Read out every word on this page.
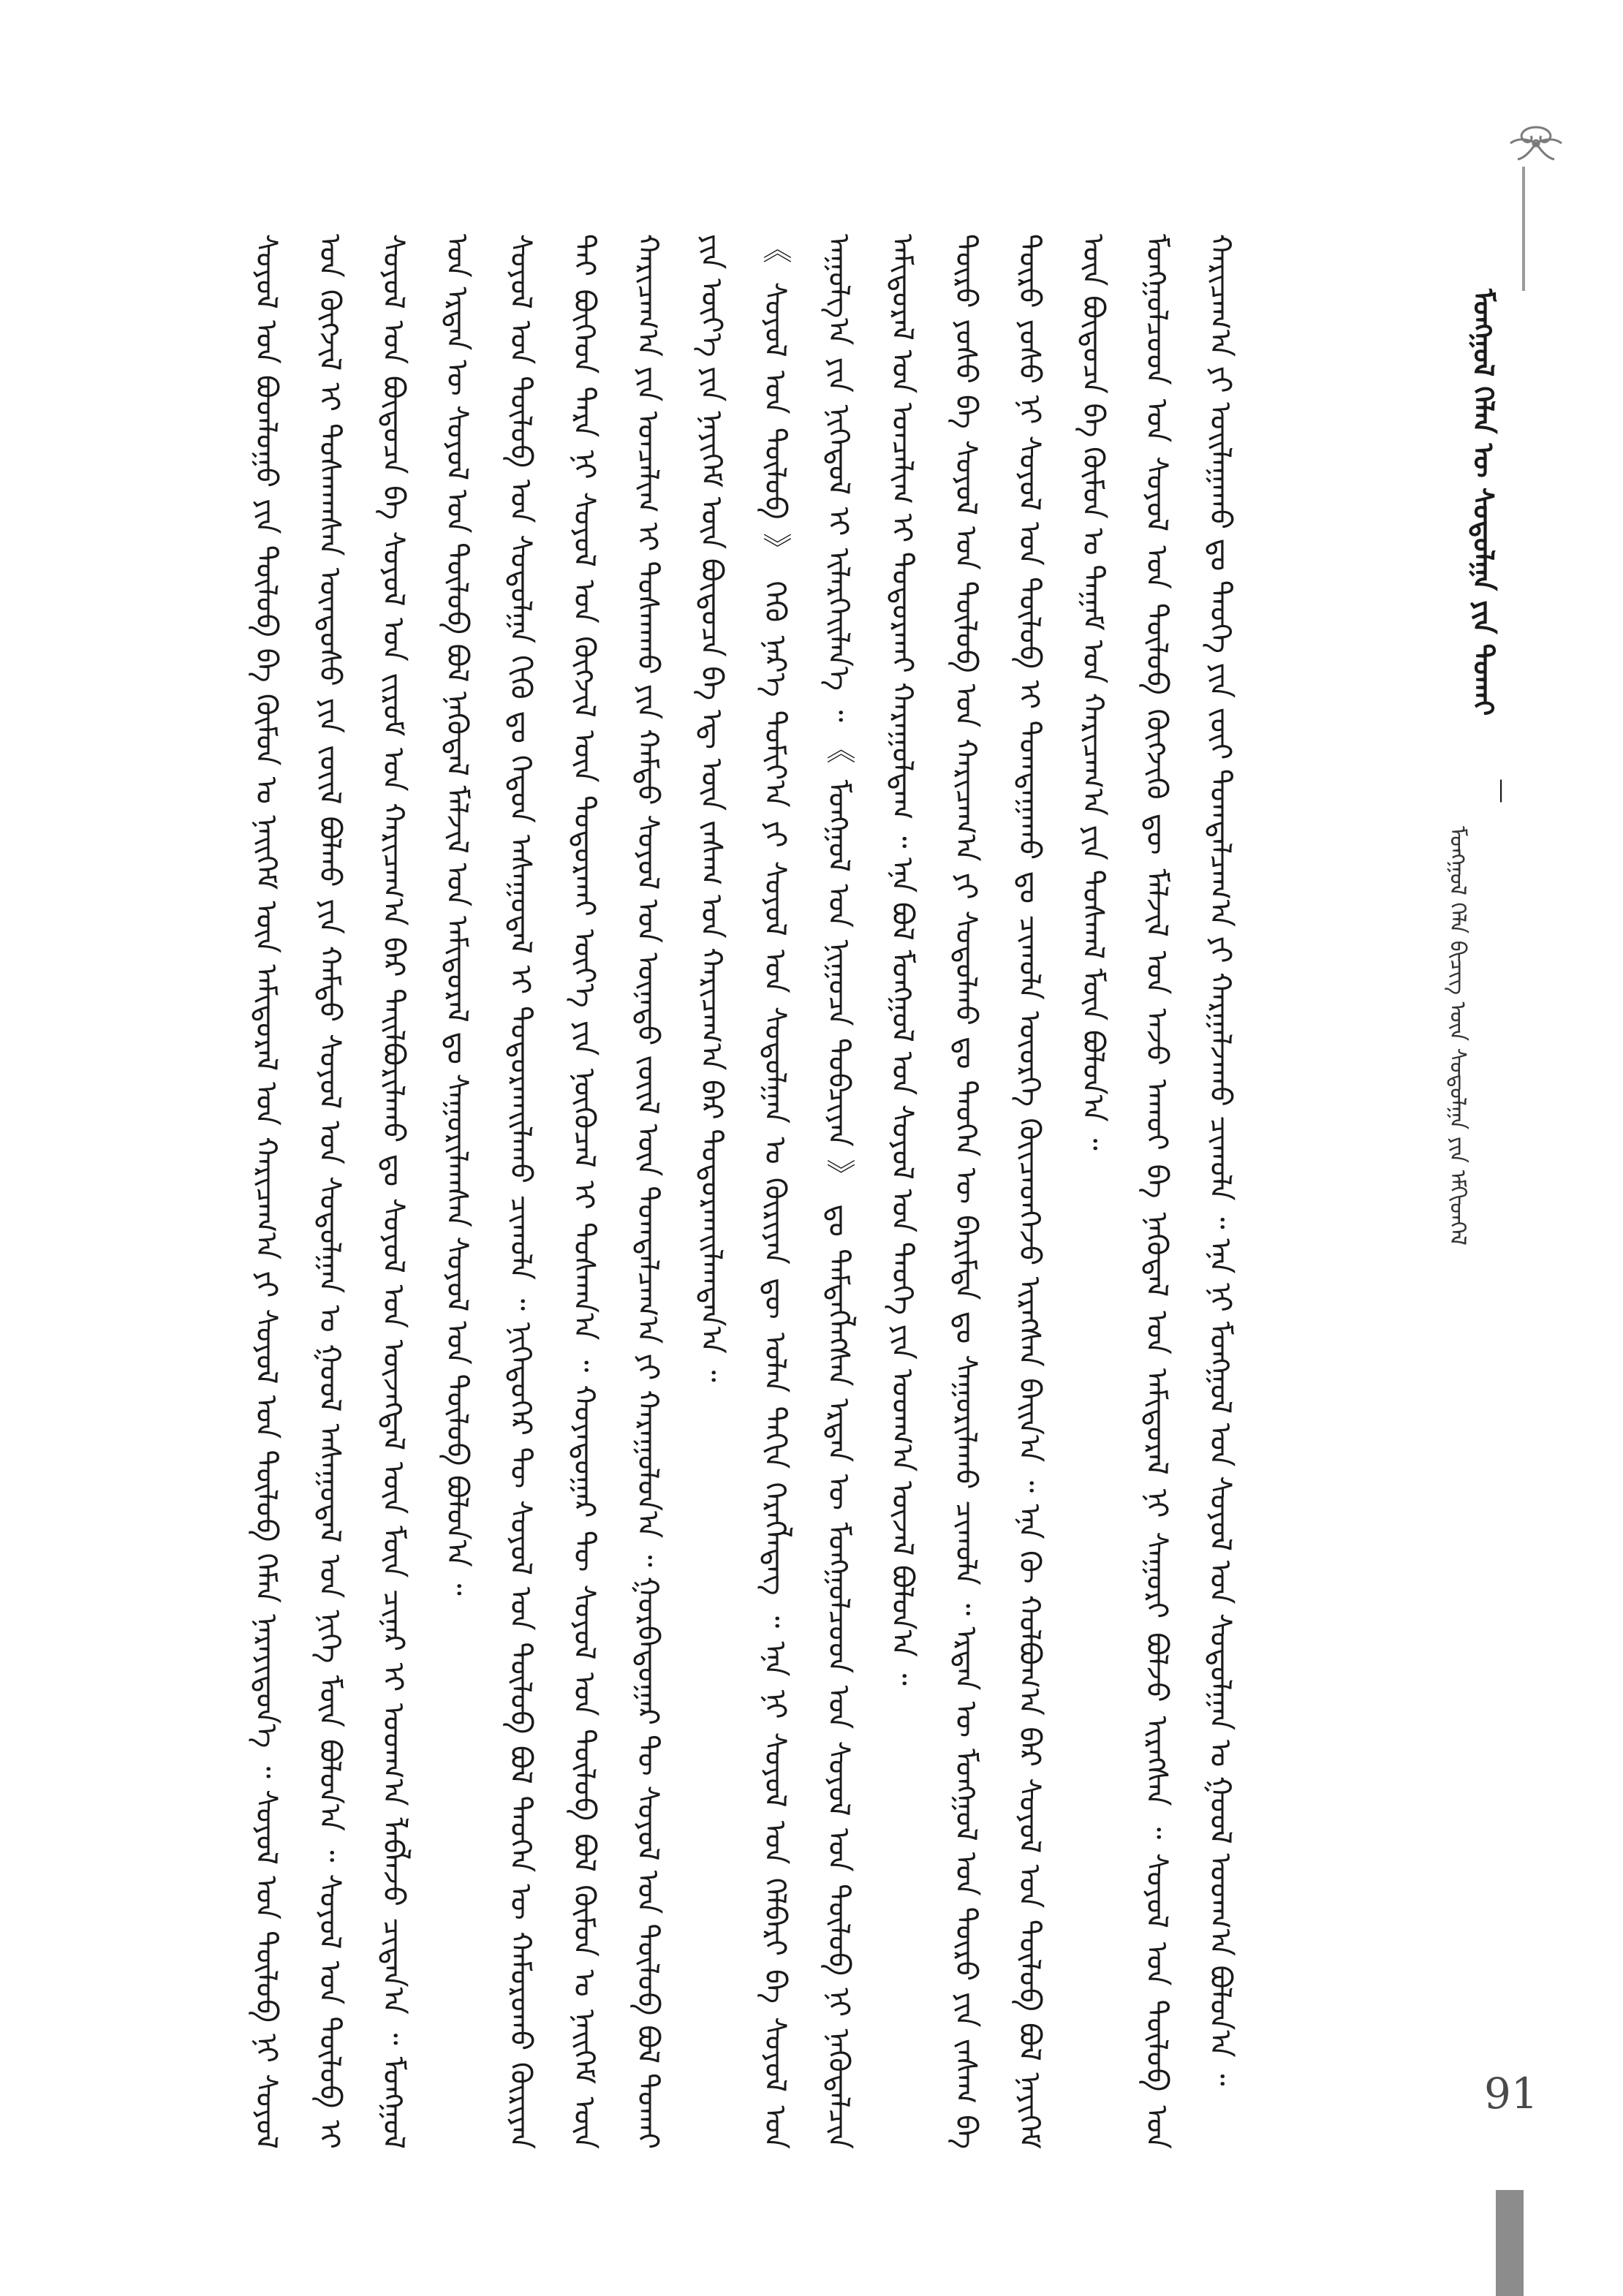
ᠮᠣᠩᠭᠣᠯ ᠬᠡᠯᠡᠨ ᠦ ᠰᠤᠳᠤᠯᠭᠠ ᠶᠢᠨ ᠲᠤᠬᠠᠢ
—
ᠮᠣᠩᠭᠣᠯ ᠬᠡᠯᠡ ᠪᠢᠴᠢᠭ ᠦᠨ ᠰᠤᠳᠤᠯᠭᠠ ᠶᠢᠨ ᠡᠮᠬᠢᠳᠬᠡᠯ

ᠰᠣᠶᠣᠯ ᠤᠨ ᠪᠣᠳᠯᠣᠭᠣ ᠶᠢᠨ ᠲᠥᠯᠦᠪ ᠪᠠ ᠬᠦᠮᠦᠨ ᠤ ᠨᠡᠢᠭᠡᠮ ᠦᠨ ᠠᠮᠢᠳᠤᠷᠠᠯ ᠤᠨ ᠬᠠᠷᠢᠴᠠᠭ᠎ᠠ ᠶᠢ ᠰᠣᠶᠣᠯ ᠤᠨ ᠲᠥᠯᠦᠪ ᠬᠡᠮᠡᠨ ᠨᠡᠷᠡᠶᠢᠳᠦᠨ᠎ᠡ ᠃ ᠰᠣᠶᠣᠯ ᠤᠨ ᠲᠥᠯᠦᠪ ᠨᠢ ᠰᠣᠶᠣᠯ ᠤᠨ ᠬᠦᠭᠵᠢᠯ ᠢ ᠲᠤᠰᠬᠠᠭᠰᠠᠨ ᠦᠨᠳᠦᠰᠦ ᠶᠢᠨ ᠵᠦᠢᠯ ᠪᠣᠯᠬᠤ ᠶᠢᠨ ᠬᠠᠮᠲᠤ ᠰᠣᠶᠣᠯ ᠤᠨ ᠰᠤᠳᠤᠯᠭᠠᠨ ᠤ ᠭᠣᠣᠯ ᠠᠰᠠᠭᠤᠳᠠᠯ ᠤᠨ ᠨᠢᠭᠡ ᠮᠥᠨ ᠪᠣᠯᠤᠨ᠎ᠠ ᠃ ᠰᠣᠶᠣᠯ ᠤᠨ ᠲᠥᠯᠦᠪ ᠢ ᠰᠣᠶᠣᠯ ᠤᠨ ᠪᠦᠲᠦᠴᠡ ᠪᠠ ᠰᠣᠶᠣᠯ ᠤᠨ ᠵᠢᠷᠤᠮ ᠤᠨ ᠬᠠᠷᠢᠴᠠᠭ᠎ᠠ ᠪᠡᠷ ᠲᠠᠢᠯᠪᠤᠷᠢᠯᠠᠬᠤ ᠳᠤ ᠰᠣᠶᠣᠯ ᠤᠨ ᠦᠵᠡᠭᠳᠡᠯ ᠦᠨ ᠮᠥᠨ ᠴᠢᠨᠠᠷ ᠢ ᠤᠳᠬ᠎ᠠ ᠯᠠᠪᠯᠠᠵᠤ ᠴᠢᠳᠠᠨ᠎ᠠ ᠃ ᠮᠣᠩᠭᠣᠯ ᠤᠨ ᠡᠷᠲᠡᠨ ᠦ ᠰᠣᠶᠣᠯ ᠤᠨ ᠲᠥᠯᠦᠪ ᠪᠣᠯ ᠨᠡᠭᠦᠳᠡᠯ ᠮᠠᠯᠵᠢᠯ ᠤᠨ ᠠᠮᠢᠳᠤᠷᠠᠯ ᠳᠤ ᠰᠠᠭᠤᠷᠢᠯᠠᠭᠰᠠᠨ ᠰᠣᠶᠣᠯ ᠤᠨ ᠲᠥᠯᠦᠪ ᠪᠣᠯᠤᠨ᠎ᠠ ᠃	ᠰᠣᠶᠣᠯ ᠤᠨ ᠲᠥᠯᠦᠪ ᠤᠨ ᠰᠤᠳᠤᠯᠭᠠ ᠬᠢᠬᠦ ᠳᠤ ᠬᠡᠳᠦᠨ ᠠᠰᠠᠭᠤᠳᠠᠯ ᠢ ᠲᠣᠳᠤᠷᠬᠠᠢᠯᠠᠬᠤ ᠴᠢᠬᠤᠯᠠ ᠃ ᠨᠢᠭᠡᠳᠦᠭᠡᠷ ᠲᠥ ᠰᠣᠶᠣᠯ ᠤᠨ ᠲᠥᠯᠦᠪ ᠪᠣᠯ ᠲᠡᠦᠬᠡᠨ ᠦ ᠬᠠᠮᠤᠷᠤᠬᠤ ᠬᠦᠷᠢᠶᠡᠨ ᠲᠠᠢ ᠪᠥᠭᠡᠳ ᠲᠡᠷᠡ ᠨᠢ ᠰᠣᠶᠣᠯ ᠤᠨ ᠬᠥᠭᠵᠢᠯ ᠦᠨ ᠲᠣᠳᠣᠷᠬᠠᠢ ᠦᠶ᠎ᠡ ᠶᠢᠨ ᠨᠥᠬᠦᠴᠡᠯ ᠢ ᠲᠤᠰᠬᠠᠨ᠎ᠠ ᠃ ᠬᠣᠶᠠᠳᠤᠭᠠᠷ ᠲᠥ ᠰᠣᠶᠣᠯ ᠤᠨ ᠲᠥᠯᠦᠪ ᠪᠣᠯ ᠬᠦᠮᠦᠨ ᠤ ᠨᠡᠢᠭᠡᠮ ᠦᠨ ᠬᠠᠷᠢᠴᠠᠭ᠎ᠠ ᠶᠢᠨ ᠣᠨᠴᠠᠯᠢᠭ ᠢ ᠲᠤᠰᠬᠠᠬᠤ ᠶᠢᠨ ᠬᠠᠮᠲᠤ ᠰᠣᠶᠣᠯ ᠤᠨ ᠦᠨᠡᠲᠦ ᠵᠦᠢᠯ ᠦᠨ ᠲᠣᠭᠲᠠᠯᠴᠠᠭ᠎ᠠ ᠶᠢ ᠬᠠᠷᠠᠭᠤᠯᠤᠨ᠎ᠠ ᠃ ᠭᠤᠷᠪᠠᠳᠤᠭᠠᠷ ᠲᠥ ᠰᠣᠶᠣᠯ ᠤᠨ ᠲᠥᠯᠦᠪ ᠪᠣᠯ ᠲᠤᠬᠠᠢ ᠶᠢᠨ ᠦᠶ᠎ᠡ ᠶᠢᠨ ᠨᠡᠶᠢᠭᠡᠮ ᠦᠨ ᠪᠦᠲᠦᠴᠡ ᠪᠠ ᠡᠳ᠋ ᠦᠨ ᠵᠠᠰᠠᠭ ᠤᠨ ᠬᠠᠷᠢᠴᠠᠭ᠎ᠠ ᠪᠡᠷ ᠲᠣᠳᠣᠷᠬᠠᠢᠯᠠᠭᠳᠠᠨ᠎ᠠ ᠃	《 ᠰᠣᠶᠣᠯ ᠤᠨ ᠲᠥᠯᠦᠪ 》 ᠬᠡᠬᠦ ᠨᠡᠷ᠎ᠡ ᠲᠣᠮᠢᠶ᠎ᠠ ᠶᠢ ᠰᠣᠶᠣᠯ ᠤᠨ ᠰᠤᠳᠤᠯᠭᠠᠨ ᠤ ᠬᠦᠷᠢᠶᠡᠨ ᠳᠦ ᠣᠯᠠᠨ ᠳᠠᠬᠢᠨ ᠬᠡᠷᠡᠭᠯᠡᠳᠡᠭ ᠃ ᠡᠨᠡ ᠨᠢ ᠰᠣᠶᠣᠯ ᠤᠨ ᠬᠡᠯᠪᠡᠷᠢ ᠪᠠ ᠰᠣᠶᠣᠯ ᠤᠨ ᠠᠭᠤᠯᠭ᠎ᠠ ᠶᠢᠨ ᠨᠢᠭᠡᠳᠦᠯ ᠢ ᠢᠯᠡᠷᠬᠡᠢᠯᠡᠨ᠎ᠡ ᠃ 《 ᠮᠣᠩᠭᠣᠯ ᠤᠨ ᠨᠢᠭᠤᠴᠠ ᠲᠣᠪᠴᠢᠶᠠᠨ 》 ᠳᠤ ᠲᠡᠮᠳᠡᠭᠯᠡᠭᠰᠡᠨ ᠡᠷᠲᠡᠨ ᠦ ᠮᠣᠩᠭᠣᠯᠴᠤᠳ ᠤᠨ ᠰᠣᠶᠣᠯ ᠤᠨ ᠲᠥᠯᠦᠪ ᠨᠢ ᠨᠡᠭᠦᠳᠡᠯᠴᠢᠨ ᠠᠮᠢᠳᠤᠷᠠᠯ ᠤᠨ ᠣᠨᠴᠠᠯᠢᠭ ᠢ ᠲᠣᠳᠣᠷᠬᠠᠢ ᠬᠠᠷᠠᠭᠤᠯᠳᠠᠭ ᠃ ᠡᠨᠡ ᠪᠣᠯ ᠮᠣᠩᠭᠣᠯ ᠤᠨ ᠰᠣᠶᠣᠯ ᠤᠨ ᠲᠡᠦᠬᠡ ᠶᠢᠨ ᠤᠳᠬ᠎ᠠ ᠦᠵᠡᠯ ᠪᠣᠯᠤᠨ᠎ᠠ ᠃	ᠲᠥᠷᠥ ᠶᠣᠰᠤ ᠪᠠ ᠰᠣᠶᠣᠯ ᠤᠨ ᠲᠥᠯᠦᠪ ᠤᠨ ᠬᠠᠷᠢᠴᠠᠭ᠎ᠠ ᠶᠢ ᠰᠤᠳᠤᠯᠬᠤ ᠳᠤ ᠲᠡᠦᠬᠡᠨ ᠦ ᠪᠠᠷᠢᠮᠲᠠ ᠳᠤ ᠰᠠᠭᠤᠷᠢᠯᠠᠬᠤ ᠴᠢᠬᠤᠯᠠ ᠃ ᠡᠷᠲᠡᠨ ᠦ ᠮᠣᠩᠭᠣᠯ ᠤᠨ ᠲᠥᠷᠥ ᠶᠢᠨ ᠵᠠᠰᠠᠭ ᠪᠠ ᠲᠥᠷᠥ ᠶᠣᠰᠤ ᠨᠢ ᠰᠣᠶᠣᠯ ᠤᠨ ᠲᠥᠯᠦᠪ ᠢ ᠲᠣᠭᠲᠠᠭᠠᠬᠤ ᠳᠤ ᠴᠢᠬᠤᠯᠠ ᠦᠦᠷᠭᠡ ᠭᠦᠢᠴᠡᠳᠬᠡᠵᠦ ᠢᠷᠡᠭᠰᠡᠨ ᠪᠠᠢᠨ᠎ᠠ ᠃ ᠡᠨᠡ ᠬᠦ ᠬᠣᠯᠪᠣᠭ᠎ᠠ ᠪᠠᠷ ᠰᠣᠶᠣᠯ ᠤᠨ ᠲᠥᠯᠦᠪ ᠪᠣᠯ ᠨᠡᠶᠢᠭᠡᠮ ᠦᠨ ᠪᠦᠲᠦᠴᠡ ᠪᠠ ᠬᠦᠮᠦᠨ ᠤ ᠲᠠᠭᠠᠮ ᠤᠨ ᠬᠠᠷᠢᠴᠠᠭ᠎ᠠ ᠶᠢᠨ ᠲᠤᠰᠬᠠᠯ ᠮᠥᠨ ᠪᠣᠯᠤᠨ᠎ᠠ ᠃	ᠮᠣᠩᠭᠣᠯᠴᠤᠳ ᠤᠨ ᠰᠣᠶᠣᠯ ᠤᠨ ᠲᠥᠯᠦᠪ ᠬᠥᠭᠵᠢᠬᠦ ᠳᠦ ᠮᠠᠯᠵᠢᠯ ᠤᠨ ᠠᠵᠤ ᠠᠬᠤᠢ ᠪᠠ ᠨᠡᠭᠦᠳᠡᠯ ᠤᠨ ᠠᠮᠢᠳᠤᠷᠠᠯ ᠨᠢ ᠰᠠᠭᠤᠷᠢ ᠪᠣᠯᠵᠤ ᠢᠷᠡᠭᠰᠡᠨ ᠃ ᠰᠣᠶᠣᠯ ᠤᠨ ᠲᠥᠯᠦᠪ ᠤᠨ ᠬᠠᠷᠢᠴᠠᠭ᠎ᠠ ᠶᠢ ᠣᠢᠯᠠᠭᠠᠬᠤ ᠳᠤ ᠲᠡᠦᠬᠡ ᠶᠢᠨ ᠵᠦᠢ ᠲᠣᠭᠲᠠᠯᠴᠠᠭ᠎ᠠ ᠶᠢ ᠬᠠᠷᠭᠠᠯᠵᠠᠬᠤ ᠴᠢᠬᠤᠯᠠ ᠃ ᠡᠨᠡ ᠨᠢ ᠮᠣᠩᠭᠣᠯ ᠤᠨ ᠰᠣᠶᠣᠯ ᠤᠨ ᠰᠤᠳᠤᠯᠭᠠᠨ ᠤ ᠭᠣᠣᠯ ᠤᠳᠬ᠎ᠠ ᠪᠣᠯᠤᠨ᠎ᠠ ᠃

91
